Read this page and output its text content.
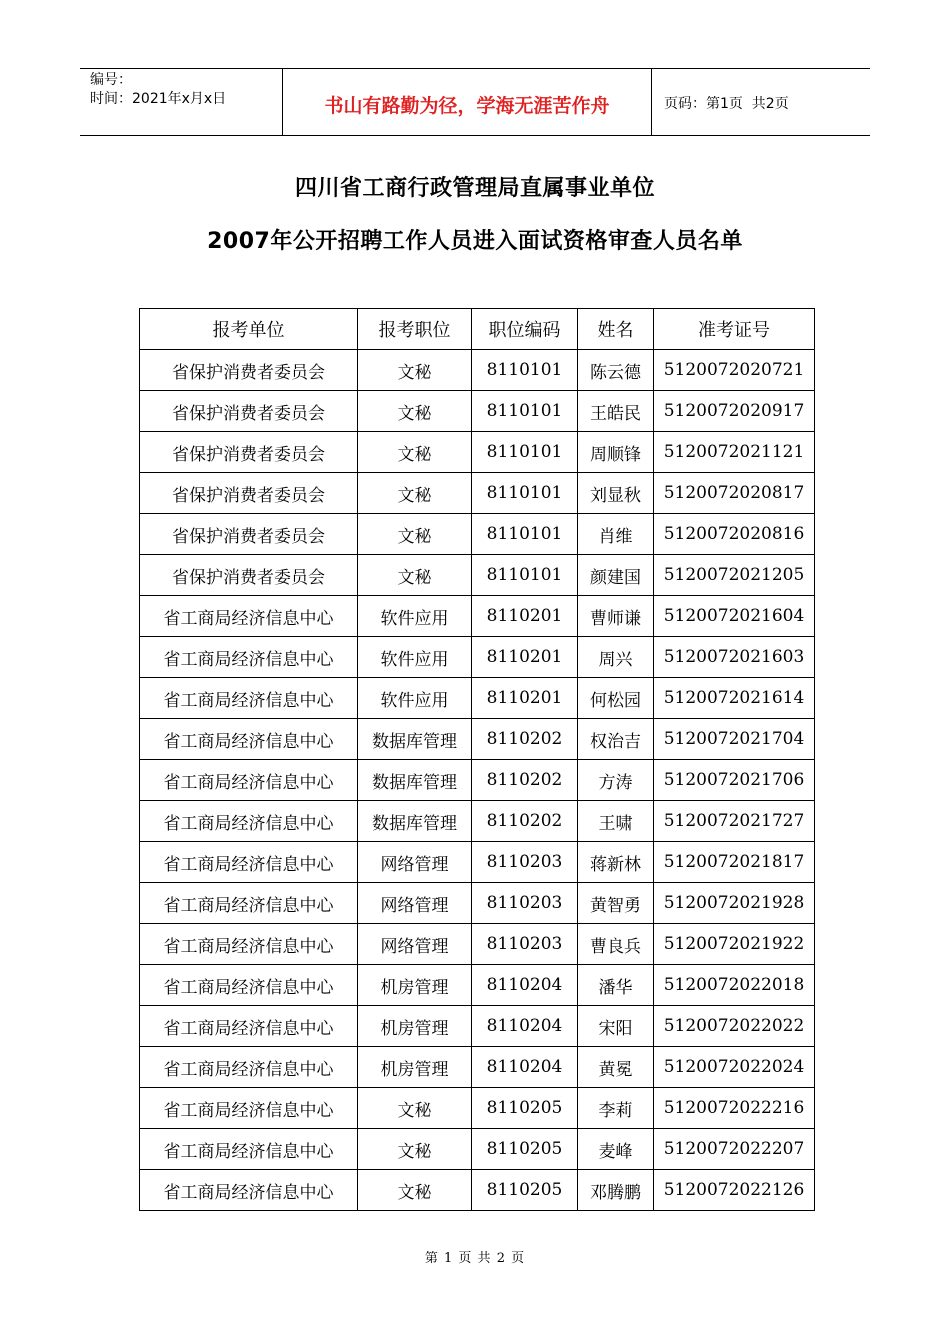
编号：
时间：2021年x月x日	书山有路勤为径，学海无涯苦作舟	页码：第1页  共2页
四川省工商行政管理局直属事业单位
2007年公开招聘工作人员进入面试资格审查人员名单
报考单位	报考职位	职位编码	姓名	准考证号
省保护消费者委员会	文秘	8110101	陈云德	5120072020721
省保护消费者委员会	文秘	8110101	王皓民	5120072020917
省保护消费者委员会	文秘	8110101	周顺锋	5120072021121
省保护消费者委员会	文秘	8110101	刘显秋	5120072020817
省保护消费者委员会	文秘	8110101	肖维	5120072020816
省保护消费者委员会	文秘	8110101	颜建国	5120072021205
省工商局经济信息中心	软件应用	8110201	曹师谦	5120072021604
省工商局经济信息中心	软件应用	8110201	周兴	5120072021603
省工商局经济信息中心	软件应用	8110201	何松园	5120072021614
省工商局经济信息中心	数据库管理	8110202	权治吉	5120072021704
省工商局经济信息中心	数据库管理	8110202	方涛	5120072021706
省工商局经济信息中心	数据库管理	8110202	王啸	5120072021727
省工商局经济信息中心	网络管理	8110203	蒋新林	5120072021817
省工商局经济信息中心	网络管理	8110203	黄智勇	5120072021928
省工商局经济信息中心	网络管理	8110203	曹良兵	5120072021922
省工商局经济信息中心	机房管理	8110204	潘华	5120072022018
省工商局经济信息中心	机房管理	8110204	宋阳	5120072022022
省工商局经济信息中心	机房管理	8110204	黄冕	5120072022024
省工商局经济信息中心	文秘	8110205	李莉	5120072022216
省工商局经济信息中心	文秘	8110205	麦峰	5120072022207
省工商局经济信息中心	文秘	8110205	邓腾鹏	5120072022126
第 1 页 共 2 页
